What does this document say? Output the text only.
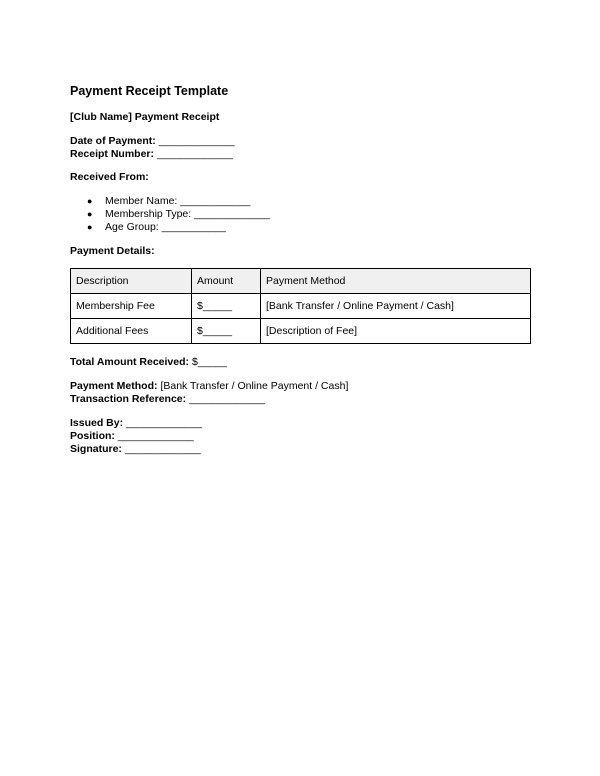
Payment Receipt Template
[Club Name] Payment Receipt
Date of Payment: _____________
Receipt Number: _____________
Received From:
● Member Name: ____________
● Membership Type: _____________
● Age Group: ___________
Payment Details:
Description	Amount	Payment Method
Membership Fee	$_____	[Bank Transfer / Online Payment / Cash]
Additional Fees	$_____	[Description of Fee]
Total Amount Received: $_____
Payment Method: [Bank Transfer / Online Payment / Cash]
Transaction Reference: _____________
Issued By: _____________
Position: _____________
Signature: _____________
